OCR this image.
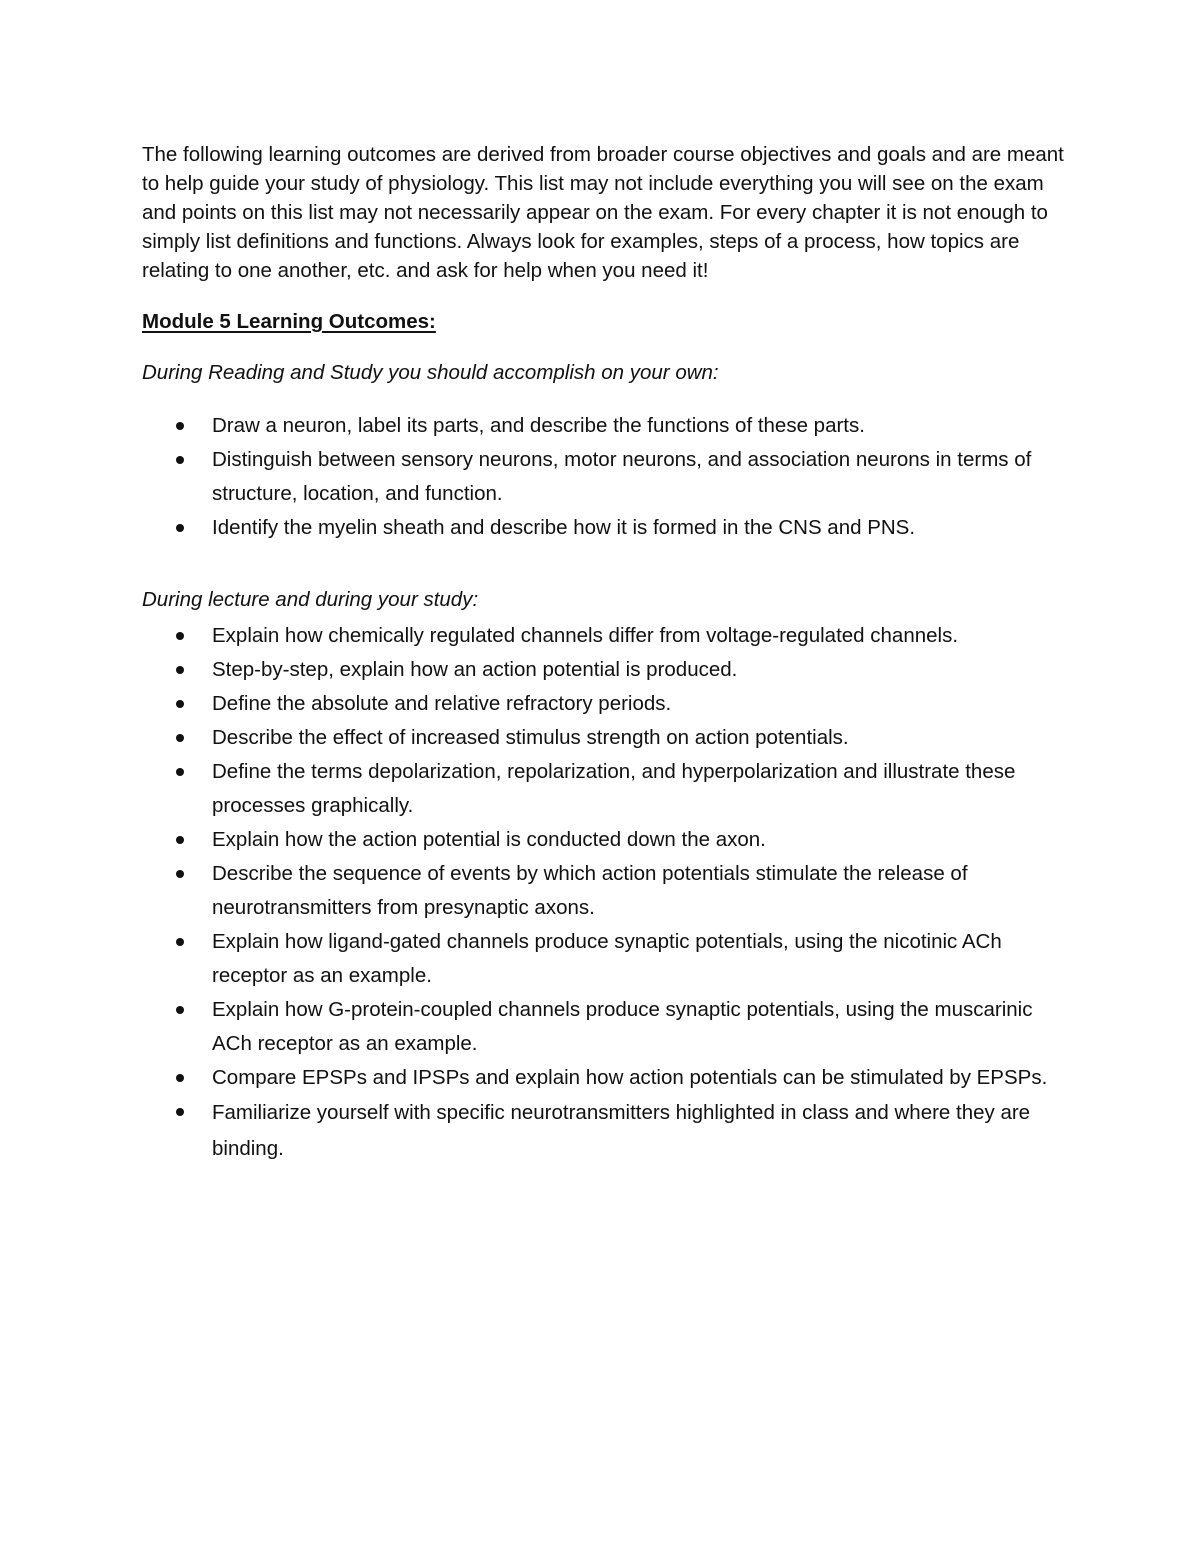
The following learning outcomes are derived from broader course objectives and goals and are meant to help guide your study of physiology. This list may not include everything you will see on the exam and points on this list may not necessarily appear on the exam. For every chapter it is not enough to simply list definitions and functions. Always look for examples, steps of a process, how topics are relating to one another, etc. and ask for help when you need it!

Module 5 Learning Outcomes:

During Reading and Study you should accomplish on your own:

Draw a neuron, label its parts, and describe the functions of these parts.
Distinguish between sensory neurons, motor neurons, and association neurons in terms of structure, location, and function.
Identify the myelin sheath and describe how it is formed in the CNS and PNS.

During lecture and during your study:

Explain how chemically regulated channels differ from voltage-regulated channels.
Step-by-step, explain how an action potential is produced.
Define the absolute and relative refractory periods.
Describe the effect of increased stimulus strength on action potentials.
Define the terms depolarization, repolarization, and hyperpolarization and illustrate these processes graphically.
Explain how the action potential is conducted down the axon.
Describe the sequence of events by which action potentials stimulate the release of neurotransmitters from presynaptic axons.
Explain how ligand-gated channels produce synaptic potentials, using the nicotinic ACh receptor as an example.
Explain how G-protein-coupled channels produce synaptic potentials, using the muscarinic ACh receptor as an example.
Compare EPSPs and IPSPs and explain how action potentials can be stimulated by EPSPs.
Familiarize yourself with specific neurotransmitters highlighted in class and where they are binding.
